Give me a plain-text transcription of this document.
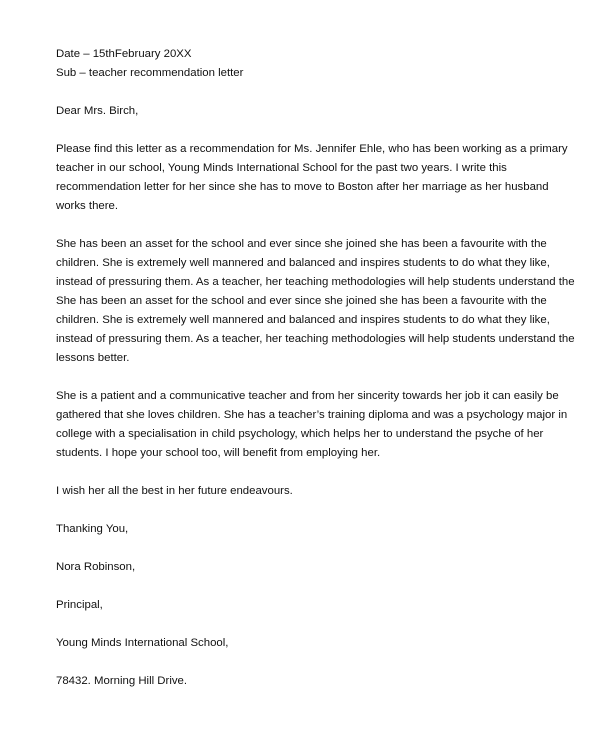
Date – 15thFebruary 20XX
Sub – teacher recommendation letter
Dear Mrs. Birch,
Please find this letter as a recommendation for Ms. Jennifer Ehle, who has been working as a primary
teacher in our school, Young Minds International School for the past two years. I write this
recommendation letter for her since she has to move to Boston after her marriage as her husband
works there.
She has been an asset for the school and ever since she joined she has been a favourite with the
children. She is extremely well mannered and balanced and inspires students to do what they like,
instead of pressuring them. As a teacher, her teaching methodologies will help students understand the
She has been an asset for the school and ever since she joined she has been a favourite with the
children. She is extremely well mannered and balanced and inspires students to do what they like,
instead of pressuring them. As a teacher, her teaching methodologies will help students understand the
lessons better.
She is a patient and a communicative teacher and from her sincerity towards her job it can easily be
gathered that she loves children. She has a teacher’s training diploma and was a psychology major in
college with a specialisation in child psychology, which helps her to understand the psyche of her
students. I hope your school too, will benefit from employing her.
I wish her all the best in her future endeavours.
Thanking You,
Nora Robinson,
Principal,
Young Minds International School,
78432. Morning Hill Drive.
